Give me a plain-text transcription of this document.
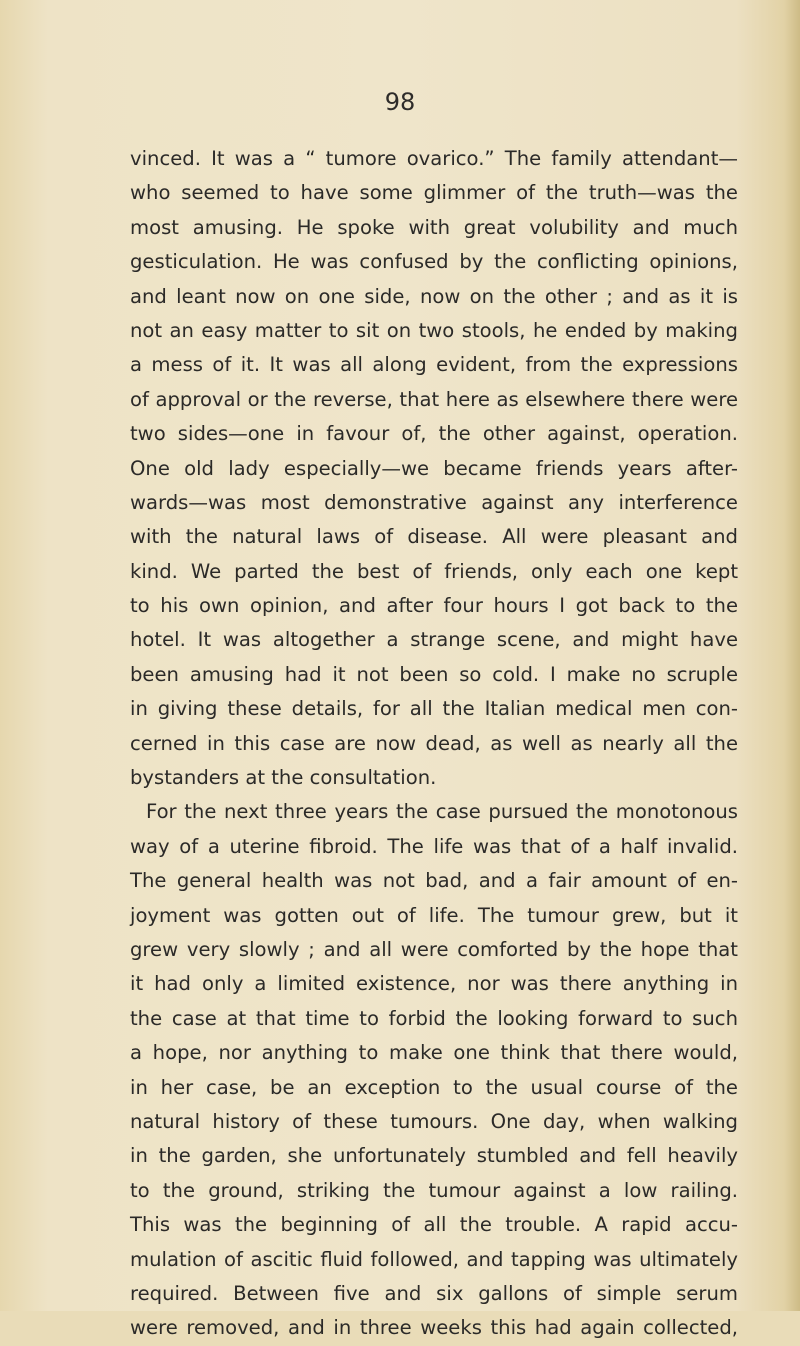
98
vinced. It was a “ tumore ovarico.” The family attendant—
who seemed to have some glimmer of the truth—was the
most amusing. He spoke with great volubility and much
gesticulation. He was confused by the conflicting opinions,
and leant now on one side, now on the other ; and as it is
not an easy matter to sit on two stools, he ended by making
a mess of it. It was all along evident, from the expressions
of approval or the reverse, that here as elsewhere there were
two sides—one in favour of, the other against, operation.
One old lady especially—we became friends years after-
wards—was most demonstrative against any interference
with the natural laws of disease. All were pleasant and
kind. We parted the best of friends, only each one kept
to his own opinion, and after four hours I got back to the
hotel. It was altogether a strange scene, and might have
been amusing had it not been so cold. I make no scruple
in giving these details, for all the Italian medical men con-
cerned in this case are now dead, as well as nearly all the
bystanders at the consultation.
For the next three years the case pursued the monotonous
way of a uterine fibroid. The life was that of a half invalid.
The general health was not bad, and a fair amount of en-
joyment was gotten out of life. The tumour grew, but it
grew very slowly ; and all were comforted by the hope that
it had only a limited existence, nor was there anything in
the case at that time to forbid the looking forward to such
a hope, nor anything to make one think that there would,
in her case, be an exception to the usual course of the
natural history of these tumours. One day, when walking
in the garden, she unfortunately stumbled and fell heavily
to the ground, striking the tumour against a low railing.
This was the beginning of all the trouble. A rapid accu-
mulation of ascitic fluid followed, and tapping was ultimately
required. Between five and six gallons of simple serum
were removed, and in three weeks this had again collected,
